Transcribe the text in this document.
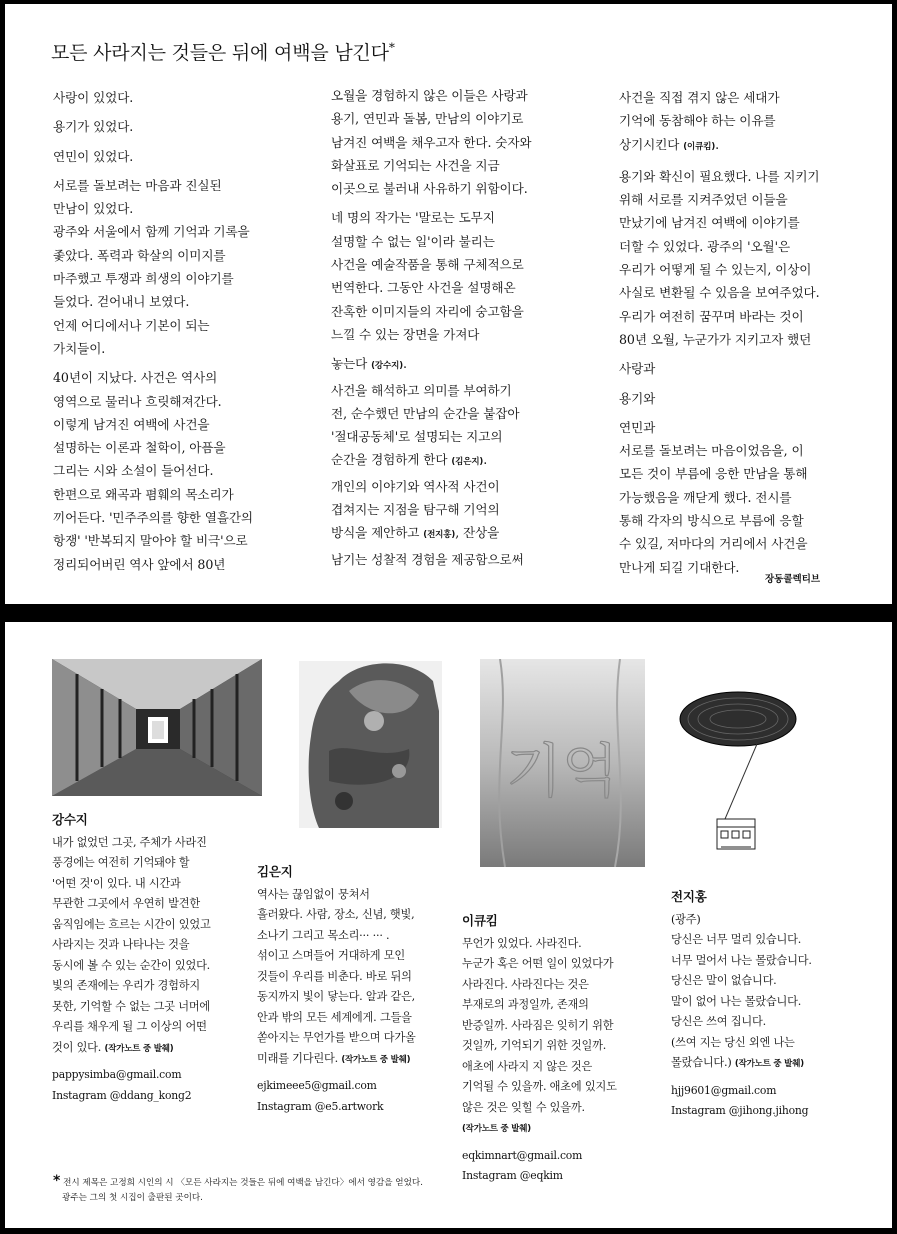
모든 사라지는 것들은 뒤에 여백을 남긴다*

사랑이 있었다.

용기가 있었다.

연민이 있었다.

서로를 돌보려는 마음과 진실된
만남이 있었다.
광주와 서울에서 함께 기억과 기록을
좇았다. 폭력과 학살의 이미지를
마주했고 투쟁과 희생의 이야기를
들었다. 걷어내니 보였다.
언제 어디에서나 기본이 되는
가치들이.

40년이 지났다. 사건은 역사의
영역으로 물러나 흐릿해져간다.
이렇게 남겨진 여백에 사건을
설명하는 이론과 철학이, 아픔을
그리는 시와 소설이 들어선다.
한편으로 왜곡과 폄훼의 목소리가
끼어든다. '민주주의를 향한 열흘간의
항쟁' '반복되지 말아야 할 비극'으로
정리되어버린 역사 앞에서 80년

오월을 경험하지 않은 이들은 사랑과
용기, 연민과 돌봄, 만남의 이야기로
남겨진 여백을 채우고자 한다. 숫자와
화살표로 기억되는 사건을 지금
이곳으로 불러내 사유하기 위함이다.

네 명의 작가는 '말로는 도무지
설명할 수 없는 일'이라 불리는
사건을 예술작품을 통해 구체적으로
번역한다. 그동안 사건을 설명해온
잔혹한 이미지들의 자리에 숭고함을
느낄 수 있는 장면을 가져다

놓는다 (강수지).
사건을 해석하고 의미를 부여하기
전, 순수했던 만남의 순간을 붙잡아
'절대공동체'로 설명되는 지고의
순간을 경험하게 한다 (김은지).
개인의 이야기와 역사적 사건이
겹쳐지는 지점을 탐구해 기억의
방식을 제안하고 (전지홍), 잔상을
남기는 성찰적 경험을 제공함으로써

사건을 직접 겪지 않은 세대가
기억에 동참해야 하는 이유를
상기시킨다 (이큐킴).

용기와 확신이 필요했다. 나를 지키기
위해 서로를 지켜주었던 이들을
만났기에 남겨진 여백에 이야기를
더할 수 있었다. 광주의 '오월'은
우리가 어떻게 될 수 있는지, 이상이
사실로 변환될 수 있음을 보여주었다.
우리가 여전히 꿈꾸며 바라는 것이
80년 오월, 누군가가 지키고자 했던

사랑과

용기와

연민과
서로를 돌보려는 마음이었음을, 이
모든 것이 부름에 응한 만남을 통해
가능했음을 깨닫게 했다. 전시를
통해 각자의 방식으로 부름에 응할
수 있길, 저마다의 거리에서 사건을
만나게 되길 기대한다.

장동콜렉티브
기억
강수지
내가 없었던 그곳, 주체가 사라진
풍경에는 여전히 기억돼야 할
'어떤 것'이 있다. 내 시간과
무관한 그곳에서 우연히 발견한
움직임에는 흐르는 시간이 있었고
사라지는 것과 나타나는 것을
동시에 볼 수 있는 순간이 있었다.
빛의 존재에는 우리가 경험하지
못한, 기억할 수 없는 그곳 너머에
우리를 채우게 될 그 이상의 어떤
것이 있다. (작가노트 중 발췌)
pappysimba@gmail.com
Instagram @ddang_kong2
김은지
역사는 끊임없이 뭉쳐서
흘러왔다. 사람, 장소, 신념, 햇빛,
소나기 그리고 목소리··· ··· .
섞이고 스며들어 거대하게 모인
것들이 우리를 비춘다. 바로 뒤의
동지까지 빛이 닿는다. 알과 같은,
안과 밖의 모든 세계에게. 그들을
쏟아지는 무언가를 받으며 다가올
미래를 기다린다. (작가노트 중 발췌)
ejkimeee5@gmail.com
Instagram @e5.artwork
이큐킴
무언가 있었다. 사라진다.
누군가 혹은 어떤 일이 있었다가
사라진다. 사라진다는 것은
부재로의 과정일까, 존재의
반증일까. 사라짐은 잊히기 위한
것일까, 기억되기 위한 것일까.
애초에 사라지 지 않은 것은
기억될 수 있을까. 애초에 있지도
않은 것은 잊힐 수 있을까.
(작가노트 중 발췌)
eqkimnart@gmail.com
Instagram @eqkim
전지홍
(광주)
당신은 너무 멀리 있습니다.
너무 멀어서 나는 몰랐습니다.
당신은 말이 없습니다.
말이 없어 나는 몰랐습니다.
당신은 쓰여 집니다.
(쓰여 지는 당신 외엔 나는
몰랐습니다.) (작가노트 중 발췌)
hjj9601@gmail.com
Instagram @jihong.jihong
* 전시 제목은 고정희 시인의 시 〈모든 사라지는 것들은 뒤에 여백을 남긴다〉에서 영감을 얻었다.
광주는 그의 첫 시집이 출판된 곳이다.
